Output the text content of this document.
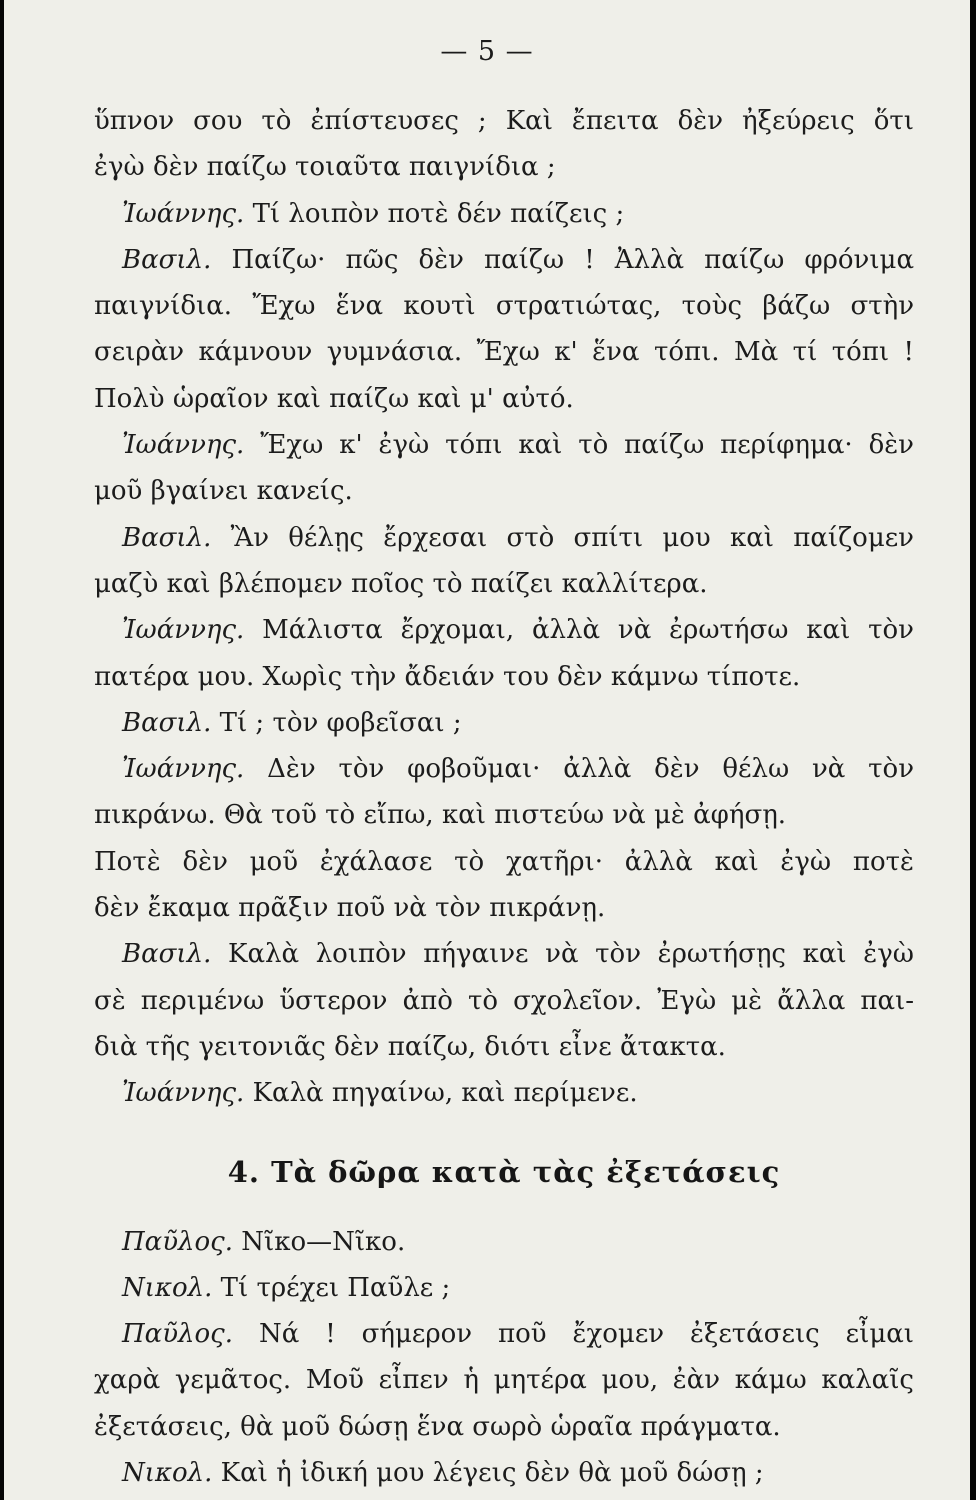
— 5 —
ὕπνον σου τὸ ἐπίστευσες ; Καὶ ἔπειτα δὲν ἠξεύρεις ὅτι
ἐγὼ δὲν παίζω τοιαῦτα παιγνίδια ;
Ἰωάννης. Τί λοιπὸν ποτὲ δέν παίζεις ;
Βασιλ. Παίζω· πῶς δὲν παίζω ! Ἀλλὰ παίζω φρόνιμα
παιγνίδια. Ἔχω ἕνα κουτὶ στρατιώτας, τοὺς βάζω στὴν
σειρὰν κάμνουν γυμνάσια. Ἔχω κ' ἕνα τόπι. Μὰ τί τόπι !
Πολὺ ὡραῖον καὶ παίζω καὶ μ' αὐτό.
Ἰωάννης. Ἔχω κ' ἐγὼ τόπι καὶ τὸ παίζω περίφημα· δὲν
μοῦ βγαίνει κανείς.
Βασιλ. Ἂν θέλῃς ἔρχεσαι στὸ σπίτι μου καὶ παίζομεν
μαζὺ καὶ βλέπομεν ποῖος τὸ παίζει καλλίτερα.
Ἰωάννης. Μάλιστα ἔρχομαι, ἀλλὰ νὰ ἐρωτήσω καὶ τὸν
πατέρα μου. Χωρὶς τὴν ἄδειάν του δὲν κάμνω τίποτε.
Βασιλ. Τί ; τὸν φοβεῖσαι ;
Ἰωάννης. Δὲν τὸν φοβοῦμαι· ἀλλὰ δὲν θέλω νὰ τὸν
πικράνω. Θὰ τοῦ τὸ εἴπω, καὶ πιστεύω νὰ μὲ ἀφήσῃ.
Ποτὲ δὲν μοῦ ἐχάλασε τὸ χατῆρι· ἀλλὰ καὶ ἐγὼ ποτὲ
δὲν ἔκαμα πρᾶξιν ποῦ νὰ τὸν πικράνῃ.
Βασιλ. Καλὰ λοιπὸν πήγαινε νὰ τὸν ἐρωτήσῃς καὶ ἐγὼ
σὲ περιμένω ὕστερον ἀπὸ τὸ σχολεῖον. Ἐγὼ μὲ ἄλλα παι-
διὰ τῆς γειτονιᾶς δὲν παίζω, διότι εἶνε ἄτακτα.
Ἰωάννης. Καλὰ πηγαίνω, καὶ περίμενε.
4. Τὰ δῶρα κατὰ τὰς ἐξετάσεις
Παῦλος. Νῖκο—Νῖκο.
Νικολ. Τί τρέχει Παῦλε ;
Παῦλος. Νά ! σήμερον ποῦ ἔχομεν ἐξετάσεις εἶμαι
χαρὰ γεμᾶτος. Μοῦ εἶπεν ἡ μητέρα μου, ἐὰν κάμω καλαῖς
ἐξετάσεις, θὰ μοῦ δώσῃ ἕνα σωρὸ ὡραῖα πράγματα.
Νικολ. Καὶ ἡ ἰδική μου λέγεις δὲν θὰ μοῦ δώσῃ ;
